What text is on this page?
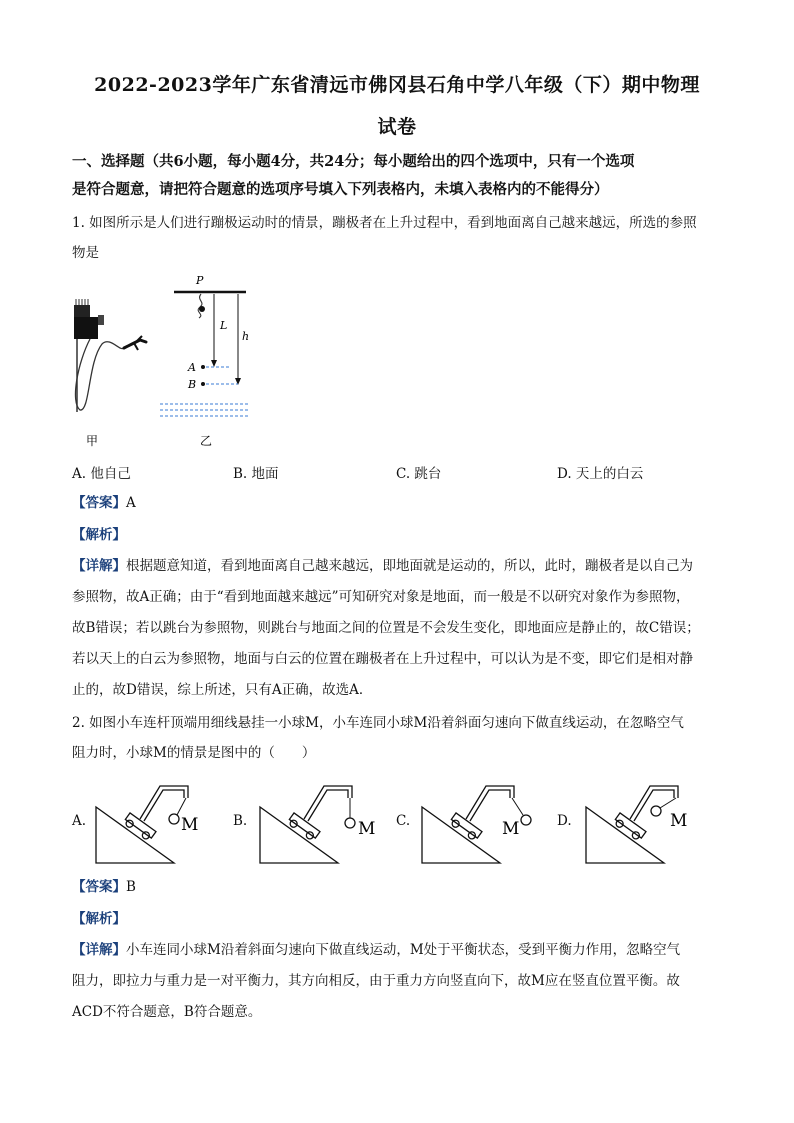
2022-2023学年广东省清远市佛冈县石角中学八年级（下）期中物理
试卷
一、选择题（共6小题，每小题4分，共24分；每小题给出的四个选项中，只有一个选项
是符合题意，请把符合题意的选项序号填入下列表格内，未填入表格内的不能得分）
1. 如图所示是人们进行蹦极运动时的情景，蹦极者在上升过程中，看到地面离自己越来越远，所选的参照
物是
P
L
h
A
B
甲	乙
A. 他自己	B. 地面	C. 跳台	D. 天上的白云
【答案】A
【解析】
【详解】根据题意知道，看到地面离自己越来越远，即地面就是运动的，所以，此时，蹦极者是以自己为
参照物，故A正确；由于“看到地面越来越远”可知研究对象是地面，而一般是不以研究对象作为参照物，
故B错误；若以跳台为参照物，则跳台与地面之间的位置是不会发生变化，即地面应是静止的，故C错误；
若以天上的白云为参照物，地面与白云的位置在蹦极者在上升过程中，可以认为是不变，即它们是相对静
止的，故D错误，综上所述，只有A正确，故选A．
2. 如图小车连杆顶端用细线悬挂一小球M，小车连同小球M沿着斜面匀速向下做直线运动，在忽略空气
阻力时，小球M的情景是图中的（　　）
A.	M	B.	M C.	M	D.	M
【答案】B
【解析】
【详解】小车连同小球M沿着斜面匀速向下做直线运动，M处于平衡状态，受到平衡力作用，忽略空气
阻力，即拉力与重力是一对平衡力，其方向相反，由于重力方向竖直向下，故M应在竖直位置平衡。故
ACD不符合题意，B符合题意。
